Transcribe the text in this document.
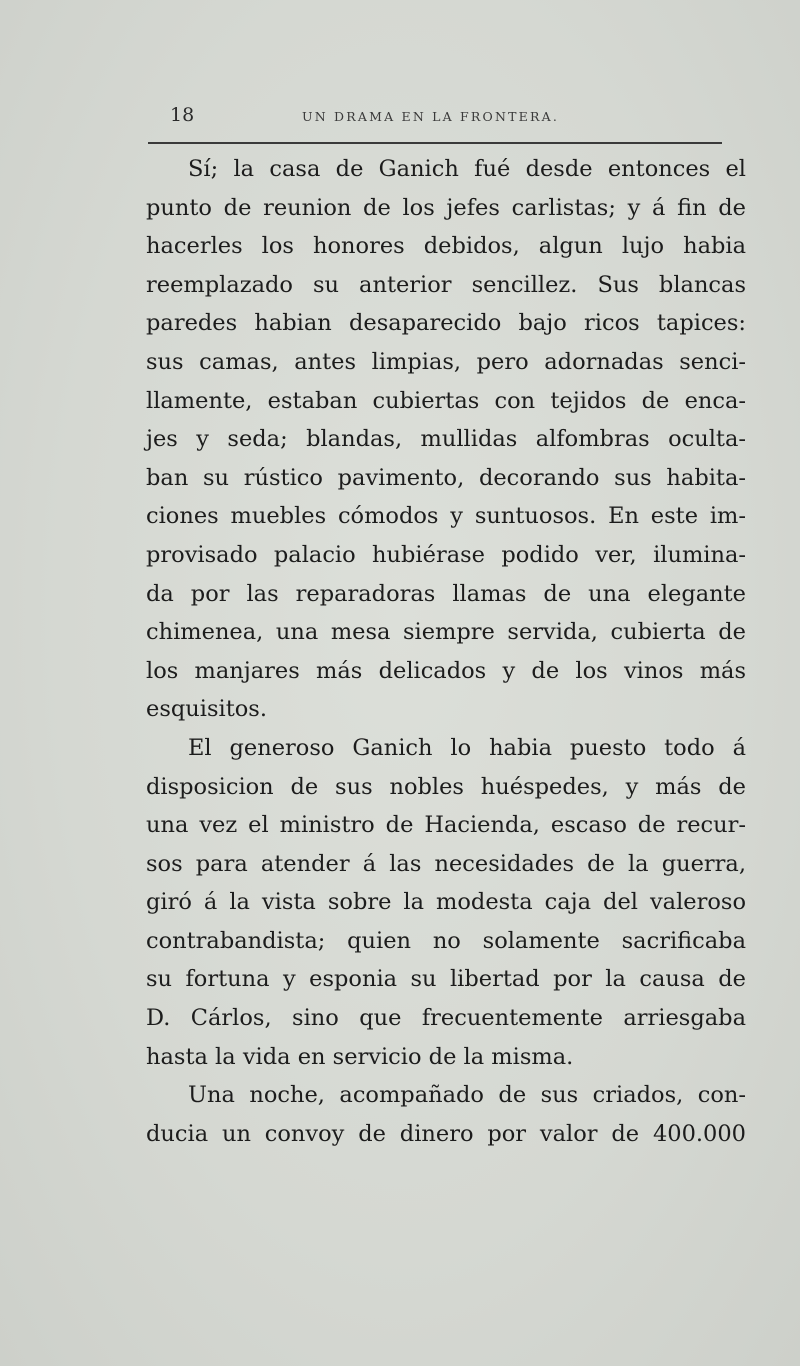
18	UN DRAMA EN LA FRONTERA.
Sí; la casa de Ganich fué desde entonces el
punto de reunion de los jefes carlistas; y á fin de
hacerles los honores debidos, algun lujo habia
reemplazado su anterior sencillez. Sus blancas
paredes habian desaparecido bajo ricos tapices:
sus camas, antes limpias, pero adornadas senci-
llamente, estaban cubiertas con tejidos de enca-
jes y seda; blandas, mullidas alfombras oculta-
ban su rústico pavimento, decorando sus habita-
ciones muebles cómodos y suntuosos. En este im-
provisado palacio hubiérase podido ver, ilumina-
da por las reparadoras llamas de una elegante
chimenea, una mesa siempre servida, cubierta de
los manjares más delicados y de los vinos más
esquisitos.
El generoso Ganich lo habia puesto todo á
disposicion de sus nobles huéspedes, y más de
una vez el ministro de Hacienda, escaso de recur-
sos para atender á las necesidades de la guerra,
giró á la vista sobre la modesta caja del valeroso
contrabandista; quien no solamente sacrificaba
su fortuna y esponia su libertad por la causa de
D. Cárlos, sino que frecuentemente arriesgaba
hasta la vida en servicio de la misma.
Una noche, acompañado de sus criados, con-
ducia un convoy de dinero por valor de 400.000
